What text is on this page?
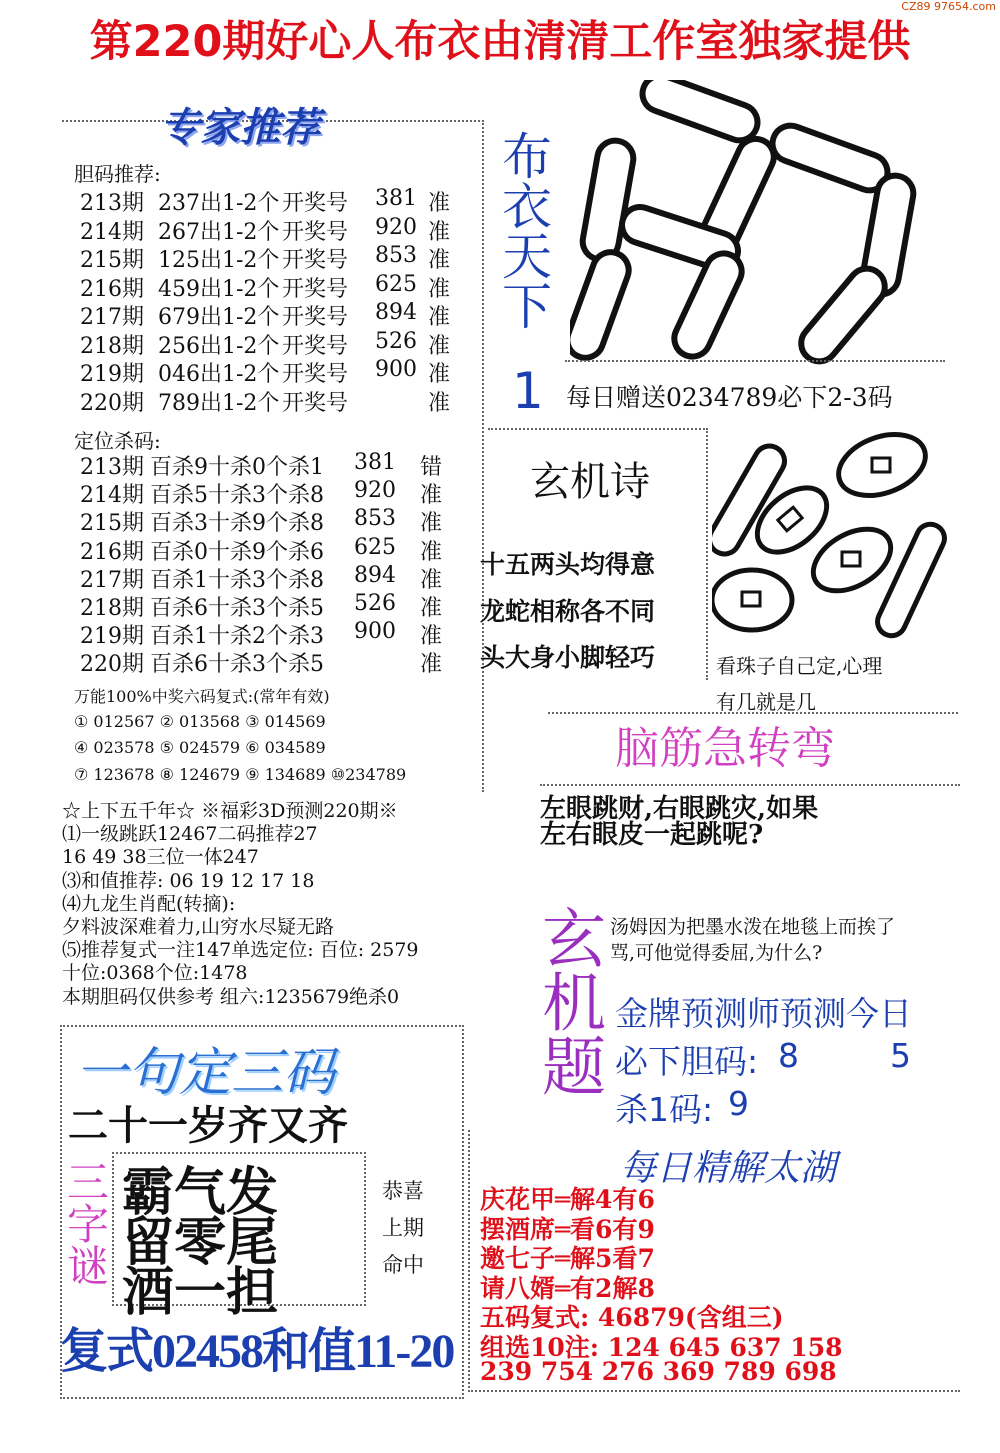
CZ89 97654.com
第220期好心人布衣由清清工作室独家提供
专家推荐
胆码推荐:
213期 237出1-2个 开奖号 381 准
214期 267出1-2个 开奖号 920 准
215期 125出1-2个 开奖号 853 准
216期 459出1-2个 开奖号 625 准
217期 679出1-2个 开奖号 894 准
218期 256出1-2个 开奖号 526 准
219期 046出1-2个 开奖号 900 准
220期 789出1-2个 开奖号	准
定位杀码:
213期 百杀9十杀0个杀1 381 错
214期 百杀5十杀3个杀8 920 准
215期 百杀3十杀9个杀8 853 准
216期 百杀0十杀9个杀6 625 准
217期 百杀1十杀3个杀8 894 准
218期 百杀6十杀3个杀5 526 准
219期 百杀1十杀2个杀3 900 准
220期 百杀6十杀3个杀5	准
万能100%中奖六码复式:(常年有效)
① 012567 ② 013568 ③ 014569
④ 023578 ⑤ 024579 ⑥ 034589
⑦ 123678 ⑧ 124679 ⑨ 134689 ⑩234789
☆上下五千年☆ ※福彩3D预测220期※
⑴一级跳跃12467二码推荐27
16 49 38三位一体247
⑶和值推荐: 06 19 12 17 18
⑷九龙生肖配(转摘):
夕料波深难着力,山穷水尽疑无路
⑸推荐复式一注147单选定位: 百位: 2579
十位:0368个位:1478
本期胆码仅供参考 组六:1235679绝杀0
布衣天下
1 每日赠送0234789必下2-3码
玄机诗
十五两头均得意
龙蛇相称各不同
头大身小脚轻巧	看珠子自己定,心理
有几就是几
脑筋急转弯
左眼跳财,右眼跳灾,如果
左右眼皮一起跳呢?
玄机题 汤姆因为把墨水泼在地毯上而挨了
骂,可他觉得委屈,为什么?
金牌预测师预测今日
必下胆码: 8	5
杀1码: 9
一句定三码
二十一岁齐又齐
三字谜 霸气发
留零尾
酒一担
恭喜
上期
命中
复式02458和值11-20
每日精解太湖
庆花甲═解4有6
摆酒席═看6有9
邀七子═解5看7
请八婿═有2解8
五码复式: 46879(含组三)
组选10注: 124 645 637 158
239 754 276 369 789 698
